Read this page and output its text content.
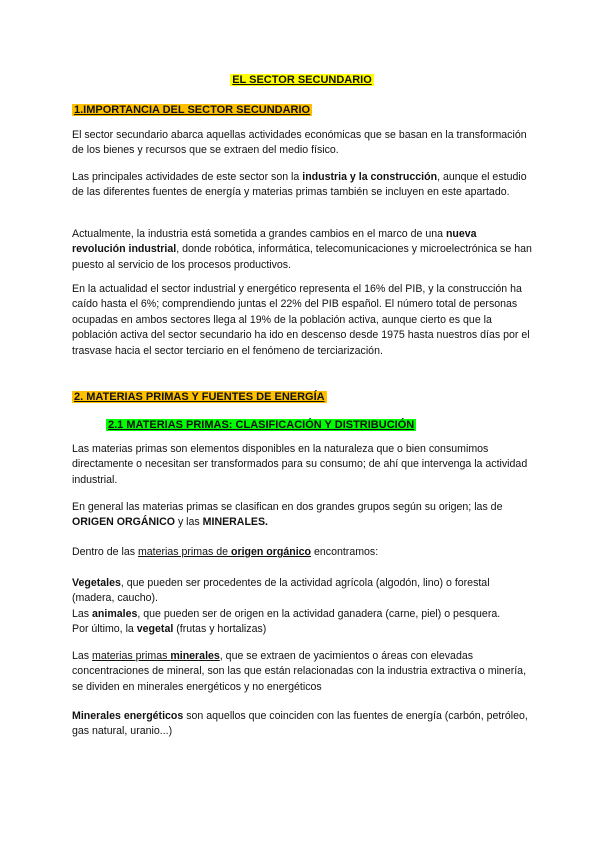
EL SECTOR SECUNDARIO
1.IMPORTANCIA DEL SECTOR SECUNDARIO

El sector secundario abarca aquellas actividades económicas que se basan en la transformación de los bienes y recursos que se extraen del medio físico.

Las principales actividades de este sector son la industria y la construcción, aunque el estudio de las diferentes fuentes de energía y materias primas también se incluyen en este apartado.

Actualmente, la industria está sometida a grandes cambios en el marco de una nueva revolución industrial, donde robótica, informática, telecomunicaciones y microelectrónica se han puesto al servicio de los procesos productivos.

En la actualidad el sector industrial y energético representa el 16% del PIB, y la construcción ha caído hasta el 6%; comprendiendo juntas el 22% del PIB español. El número total de personas ocupadas en ambos sectores llega al 19% de la población activa, aunque cierto es que la población activa del sector secundario ha ido en descenso desde 1975 hasta nuestros días por el trasvase hacia el sector terciario en el fenómeno de terciarización.

2. MATERIAS PRIMAS Y FUENTES DE ENERGÍA
2.1 MATERIAS PRIMAS: CLASIFICACIÓN Y DISTRIBUCIÓN

Las materias primas son elementos disponibles en la naturaleza que o bien consumimos directamente o necesitan ser transformados para su consumo; de ahí que intervenga la actividad industrial.

En general las materias primas se clasifican en dos grandes grupos según su origen; las de ORIGEN ORGÁNICO y las MINERALES.

Dentro de las materias primas de origen orgánico encontramos:

Vegetales, que pueden ser procedentes de la actividad agrícola (algodón, lino) o forestal (madera, caucho).
Las animales, que pueden ser de origen en la actividad ganadera (carne, piel) o pesquera.
Por último, la vegetal (frutas y hortalizas)

Las materias primas minerales, que se extraen de yacimientos o áreas con elevadas concentraciones de mineral, son las que están relacionadas con la industria extractiva o minería, se dividen en minerales energéticos y no energéticos

Minerales energéticos son aquellos que coinciden con las fuentes de energía (carbón, petróleo, gas natural, uranio...)
